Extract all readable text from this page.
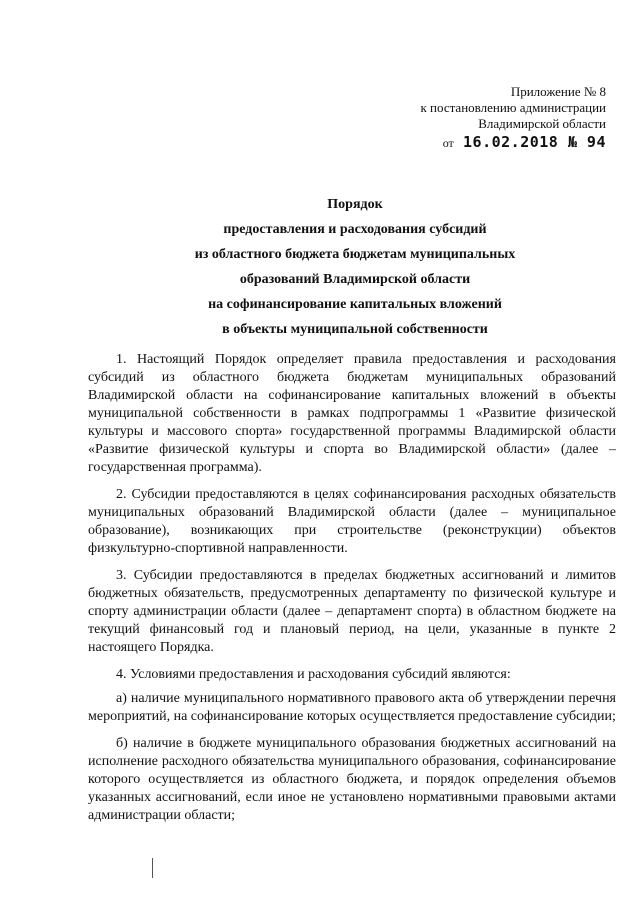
Приложение № 8
к постановлению администрации
Владимирской области
от 16.02.2018 № 94
Порядок
предоставления и расходования субсидий
из областного бюджета бюджетам муниципальных
образований Владимирской области
на софинансирование капитальных вложений
в объекты муниципальной собственности

1. Настоящий Порядок определяет правила предоставления и расходования субсидий из областного бюджета бюджетам муниципальных образований Владимирской области на софинансирование капитальных вложений в объекты муниципальной собственности в рамках подпрограммы 1 «Развитие физической культуры и массового спорта» государственной программы Владимирской области «Развитие физической культуры и спорта во Владимирской области» (далее – государственная программа).

2. Субсидии предоставляются в целях софинансирования расходных обязательств муниципальных образований Владимирской области (далее – муниципальное образование), возникающих при строительстве (реконструкции) объектов физкультурно-спортивной направленности.

3. Субсидии предоставляются в пределах бюджетных ассигнований и лимитов бюджетных обязательств, предусмотренных департаменту по физической культуре и спорту администрации области (далее – департамент спорта) в областном бюджете на текущий финансовый год и плановый период, на цели, указанные в пункте 2 настоящего Порядка.

4. Условиями предоставления и расходования субсидий являются:

а) наличие муниципального нормативного правового акта об утверждении перечня мероприятий, на софинансирование которых осуществляется предоставление субсидии;

б) наличие в бюджете муниципального образования бюджетных ассигнований на исполнение расходного обязательства муниципального образования, софинансирование которого осуществляется из областного бюджета, и порядок определения объемов указанных ассигнований, если иное не установлено нормативными правовыми актами администрации области;
